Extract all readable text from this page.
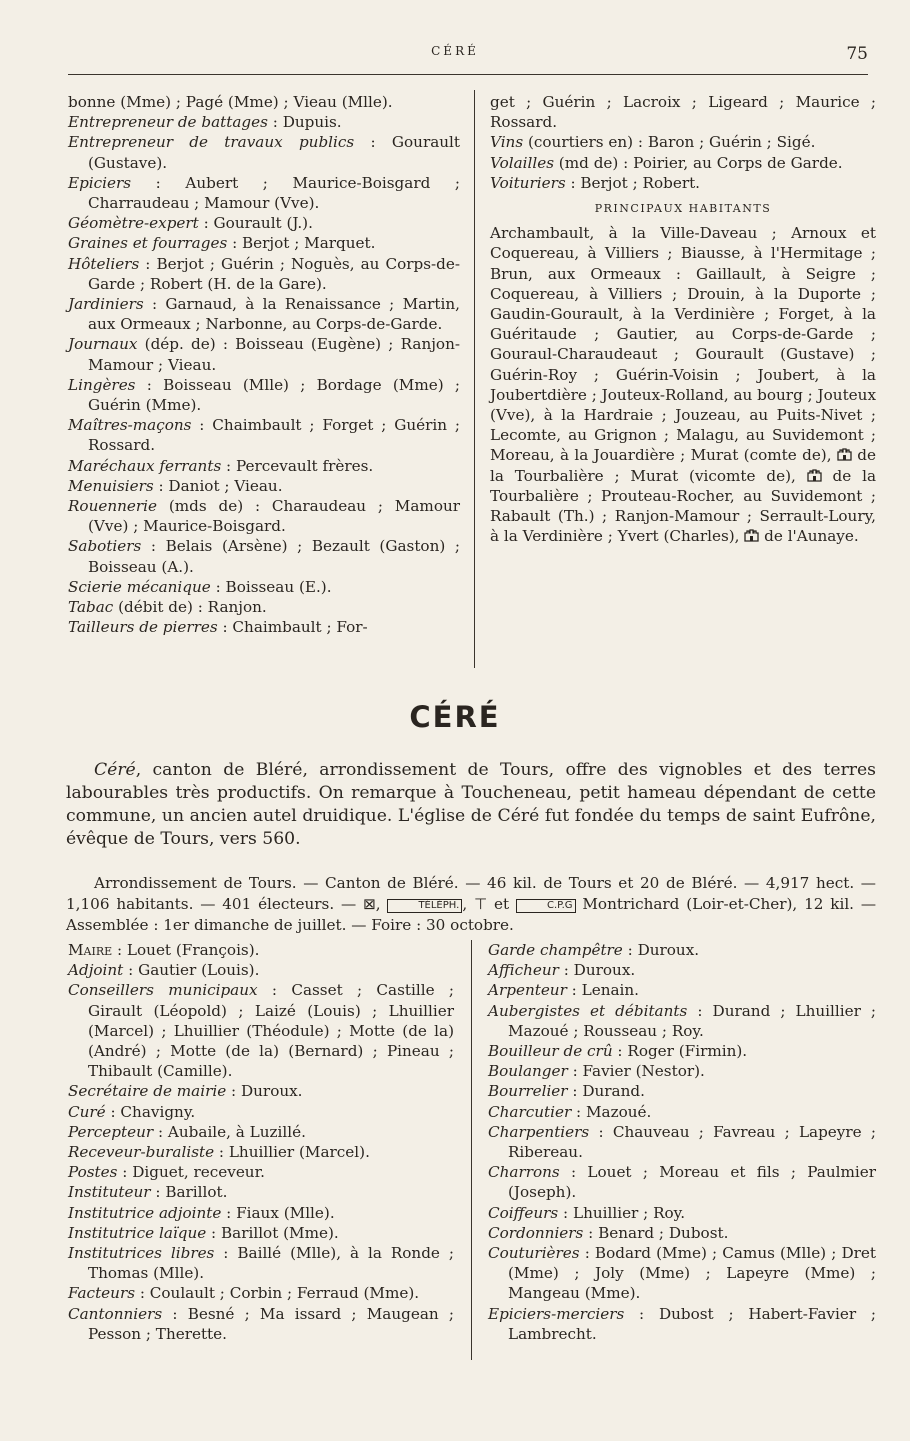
CÉRÉ	75

bonne (Mme) ; Pagé (Mme) ; Vieau (Mlle).

Entrepreneur de battages : Dupuis.

Entrepreneur de travaux publics : Gourault (Gustave).

Epiciers : Aubert ; Maurice-Boisgard ; Charraudeau ; Mamour (Vve).

Géomètre-expert : Gourault (J.).

Graines et fourrages : Berjot ; Marquet.

Hôteliers : Berjot ; Guérin ; Noguès, au Corps-de-Garde ; Robert (H. de la Gare).

Jardiniers : Garnaud, à la Renaissance ; Martin, aux Ormeaux ; Narbonne, au Corps-de-Garde.

Journaux (dép. de) : Boisseau (Eugène) ; Ranjon-Mamour ; Vieau.

Lingères : Boisseau (Mlle) ; Bordage (Mme) ; Guérin (Mme).

Maîtres-maçons : Chaimbault ; Forget ; Guérin ; Rossard.

Maréchaux ferrants : Percevault frères.

Menuisiers : Daniot ; Vieau.

Rouennerie (mds de) : Charaudeau ; Mamour (Vve) ; Maurice-Boisgard.

Sabotiers : Belais (Arsène) ; Bezault (Gaston) ; Boisseau (A.).

Scierie mécanique : Boisseau (E.).

Tabac (débit de) : Ranjon.

Tailleurs de pierres : Chaimbault ; For-

get ; Guérin ; Lacroix ; Ligeard ; Maurice ; Rossard.

Vins (courtiers en) : Baron ; Guérin ; Sigé.

Volailles (md de) : Poirier, au Corps de Garde.

Voituriers : Berjot ; Robert.

PRINCIPAUX HABITANTS

Archambault, à la Ville-Daveau ; Arnoux et Coquereau, à Villiers ; Biausse, à l'Hermitage ; Brun, aux Ormeaux : Gaillault, à Seigre ; Coquereau, à Villiers ; Drouin, à la Duporte ; Gaudin-Gourault, à la Verdinière ; Forget, à la Guéritaude ; Gautier, au Corps-de-Garde ; Gouraul-Charaudeaut ; Gourault (Gustave) ; Guérin-Roy ; Guérin-Voisin ; Joubert, à la Joubertdière ; Jouteux-Rolland, au bourg ; Jouteux (Vve), à la Hardraie ; Jouzeau, au Puits-Nivet ; Lecomte, au Grignon ; Malagu, au Suvidemont ; Moreau, à la Jouardière ; Murat (comte de),  de la Tourbalière ; Murat (vicomte de),  de la Tourbalière ; Prouteau-Rocher, au Suvidemont ; Rabault (Th.) ; Ranjon-Mamour ; Serrault-Loury, à la Verdinière ; Yvert (Charles),  de l'Aunaye.

CÉRÉ

Céré, canton de Bléré, arrondissement de Tours, offre des vignobles et des terres labourables très productifs. On remarque à Toucheneau, petit hameau dépendant de cette commune, un ancien autel druidique. L'église de Céré fut fondée du temps de saint Eufrône, évêque de Tours, vers 560.

Arrondissement de Tours. — Canton de Bléré. — 46 kil. de Tours et 20 de Bléré. — 4,917 hect. — 1,106 habitants. — 401 électeurs. — ⊠,	TÉLÉPH. , ⊤ et	C.P.G Montrichard (Loir-et-Cher), 12 kil. — Assemblée : 1er dimanche de juillet. — Foire : 30 octobre.

Maire : Louet (François).

Adjoint : Gautier (Louis).

Conseillers municipaux : Casset ; Castille ; Girault (Léopold) ; Laizé (Louis) ; Lhuillier (Marcel) ; Lhuillier (Théodule) ; Motte (de la) (André) ; Motte (de la) (Bernard) ; Pineau ; Thibault (Camille).

Secrétaire de mairie : Duroux.

Curé : Chavigny.

Percepteur : Aubaile, à Luzillé.

Receveur-buraliste : Lhuillier (Marcel).

Postes : Diguet, receveur.

Instituteur : Barillot.

Institutrice adjointe : Fiaux (Mlle).

Institutrice laïque : Barillot (Mme).

Institutrices libres : Baillé (Mlle), à la Ronde ; Thomas (Mlle).

Facteurs : Coulault ; Corbin ; Ferraud (Mme).

Cantonniers : Besné ; Ma issard ; Maugean ; Pesson ; Therette.

Garde champêtre : Duroux.

Afficheur : Duroux.

Arpenteur : Lenain.

Aubergistes et débitants : Durand ; Lhuillier ; Mazoué ; Rousseau ; Roy.

Bouilleur de crû : Roger (Firmin).

Boulanger : Favier (Nestor).

Bourrelier : Durand.

Charcutier : Mazoué.

Charpentiers : Chauveau ; Favreau ; Lapeyre ; Ribereau.

Charrons : Louet ; Moreau et fils ; Paulmier (Joseph).

Coiffeurs : Lhuillier ; Roy.

Cordonniers : Benard ; Dubost.

Couturières : Bodard (Mme) ; Camus (Mlle) ; Dret (Mme) ; Joly (Mme) ; Lapeyre (Mme) ; Mangeau (Mme).

Epiciers-merciers : Dubost ; Habert-Favier ; Lambrecht.
